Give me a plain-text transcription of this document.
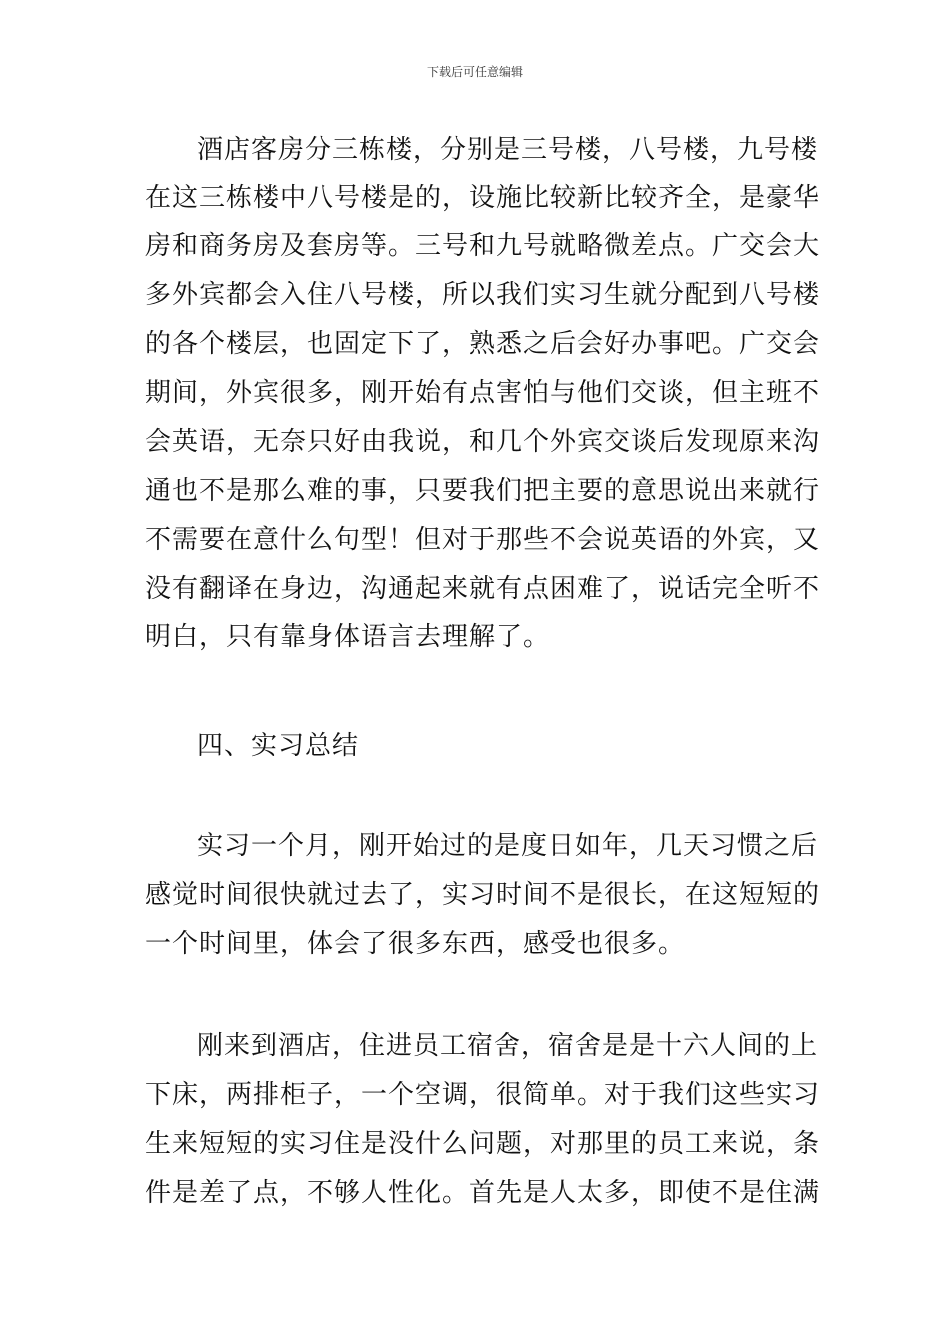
下载后可任意编辑
酒店客房分三栋楼，分别是三号楼，八号楼，九号楼
在这三栋楼中八号楼是的，设施比较新比较齐全，是豪华
房和商务房及套房等。三号和九号就略微差点。广交会大
多外宾都会入住八号楼，所以我们实习生就分配到八号楼
的各个楼层，也固定下了，熟悉之后会好办事吧。广交会
期间，外宾很多，刚开始有点害怕与他们交谈，但主班不
会英语，无奈只好由我说，和几个外宾交谈后发现原来沟
通也不是那么难的事，只要我们把主要的意思说出来就行
不需要在意什么句型！但对于那些不会说英语的外宾，又
没有翻译在身边，沟通起来就有点困难了，说话完全听不
明白，只有靠身体语言去理解了。
四、实习总结
实习一个月，刚开始过的是度日如年，几天习惯之后
感觉时间很快就过去了，实习时间不是很长，在这短短的
一个时间里，体会了很多东西，感受也很多。
刚来到酒店，住进员工宿舍，宿舍是是十六人间的上
下床，两排柜子，一个空调，很简单。对于我们这些实习
生来短短的实习住是没什么问题，对那里的员工来说，条
件是差了点，不够人性化。首先是人太多，即使不是住满
